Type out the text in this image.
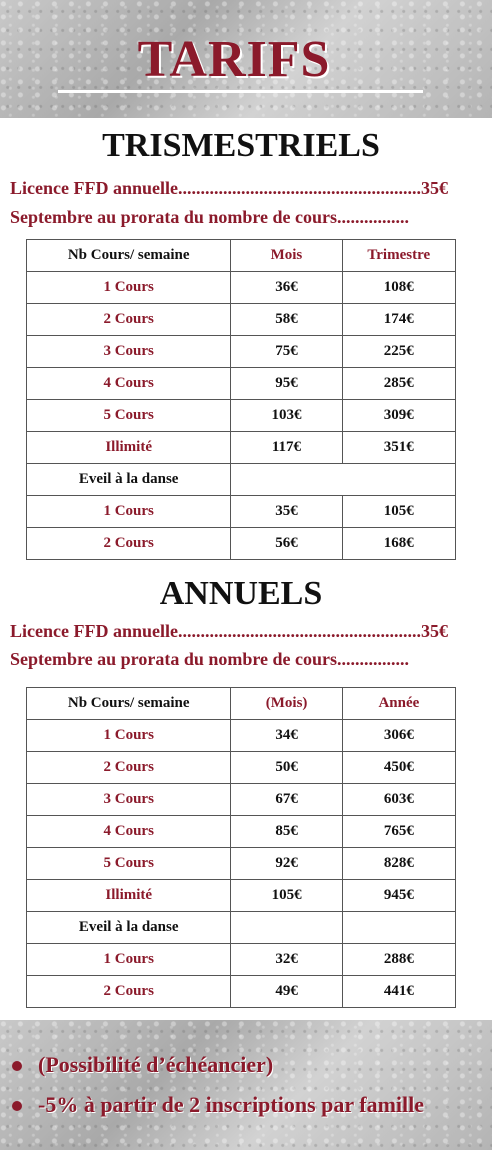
TARIFS
TRISMESTRIELS
Licence FFD annuelle......................................................35€
Septembre au prorata du nombre de cours................
Nb Cours/ semaine	Mois	Trimestre
1 Cours	36€	108€
2 Cours	58€	174€
3 Cours	75€	225€
4 Cours	95€	285€
5 Cours	103€	309€
Illimité	117€	351€
Eveil à la danse		
1 Cours	35€	105€
2 Cours	56€	168€
ANNUELS
Licence FFD annuelle......................................................35€
Septembre au prorata du nombre de cours................
Nb Cours/ semaine	(Mois)	Année
1 Cours	34€	306€
2 Cours	50€	450€
3 Cours	67€	603€
4 Cours	85€	765€
5 Cours	92€	828€
Illimité	105€	945€
Eveil à la danse		
1 Cours	32€	288€
2 Cours	49€	441€
(Possibilité d’échéancier)
-5% à partir de 2 inscriptions par famille
